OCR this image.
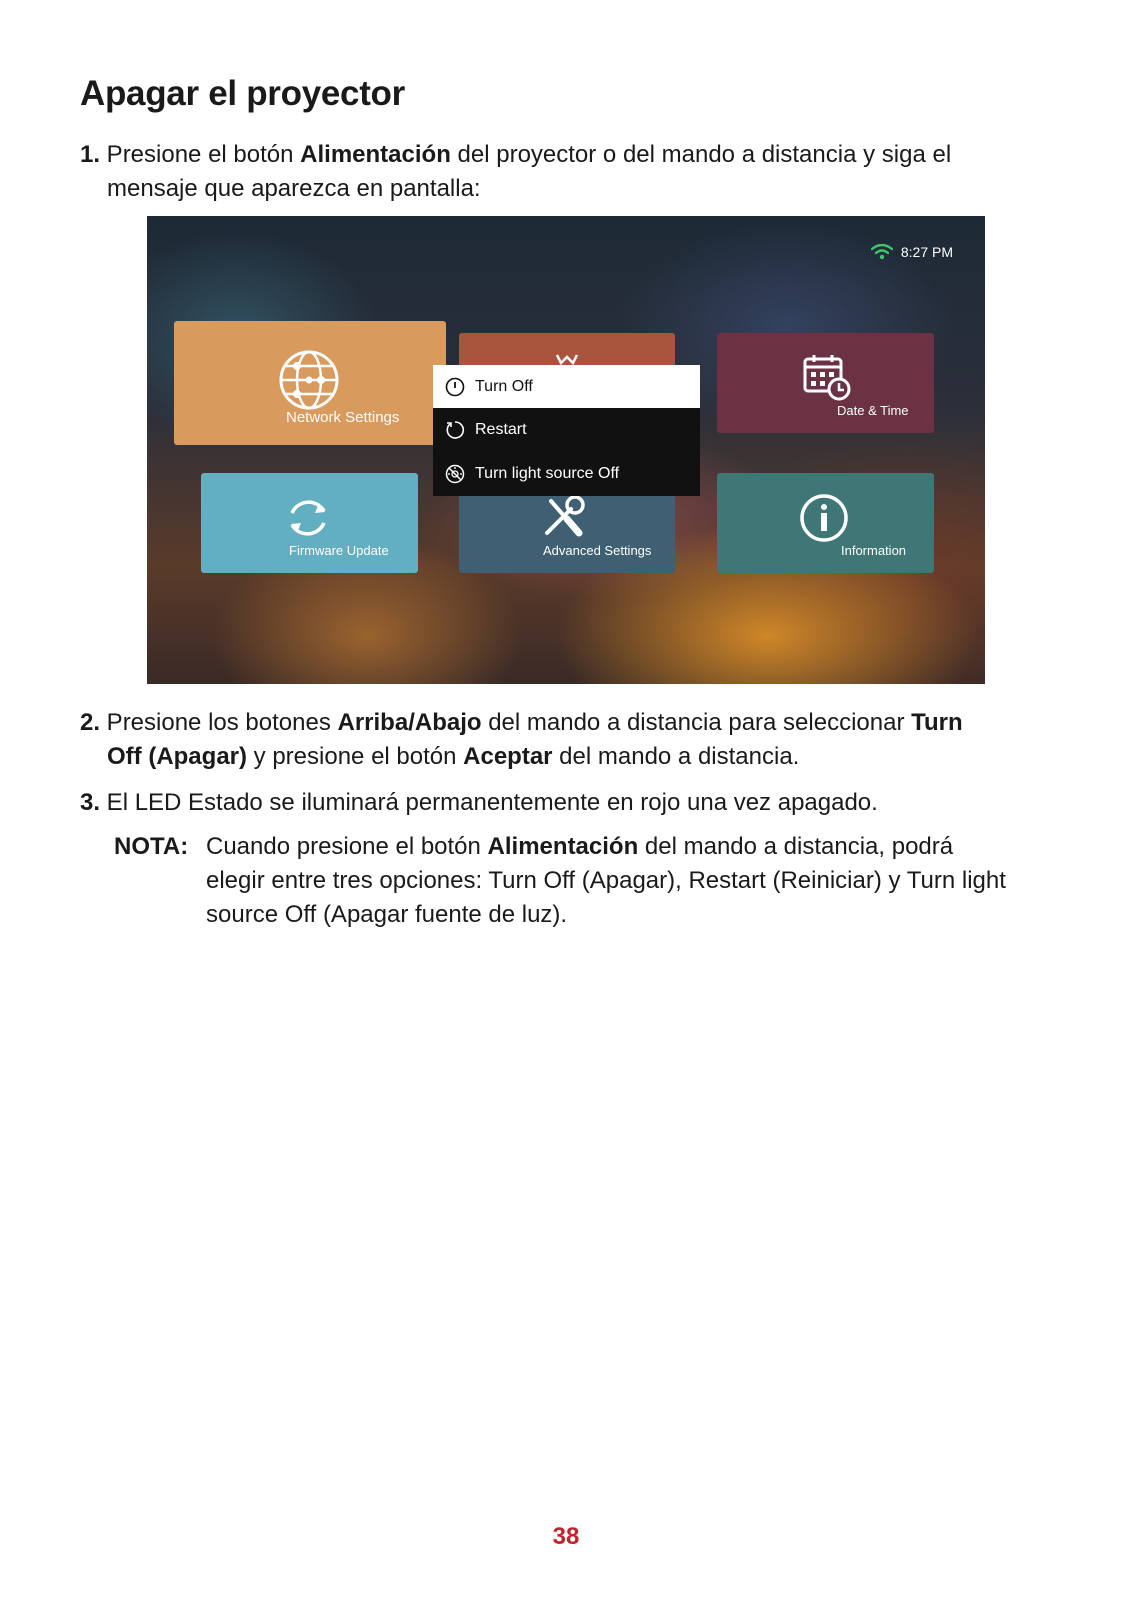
Apagar el proyector

1. Presione el botón Alimentación del proyector o del mando a distancia y siga el
mensaje que aparezca en pantalla:

8:27 PM
Network Settings	Date & Time
Firmware Update	Advanced Settings	Information
Turn Off
Restart
Turn light source Off

2. Presione los botones Arriba/Abajo del mando a distancia para seleccionar Turn
Off (Apagar) y presione el botón Aceptar del mando a distancia.

3. El LED Estado se iluminará permanentemente en rojo una vez apagado.

NOTA: Cuando presione el botón Alimentación del mando a distancia, podrá elegir entre tres opciones: Turn Off (Apagar), Restart (Reiniciar) y Turn light source Off (Apagar fuente de luz).
38
